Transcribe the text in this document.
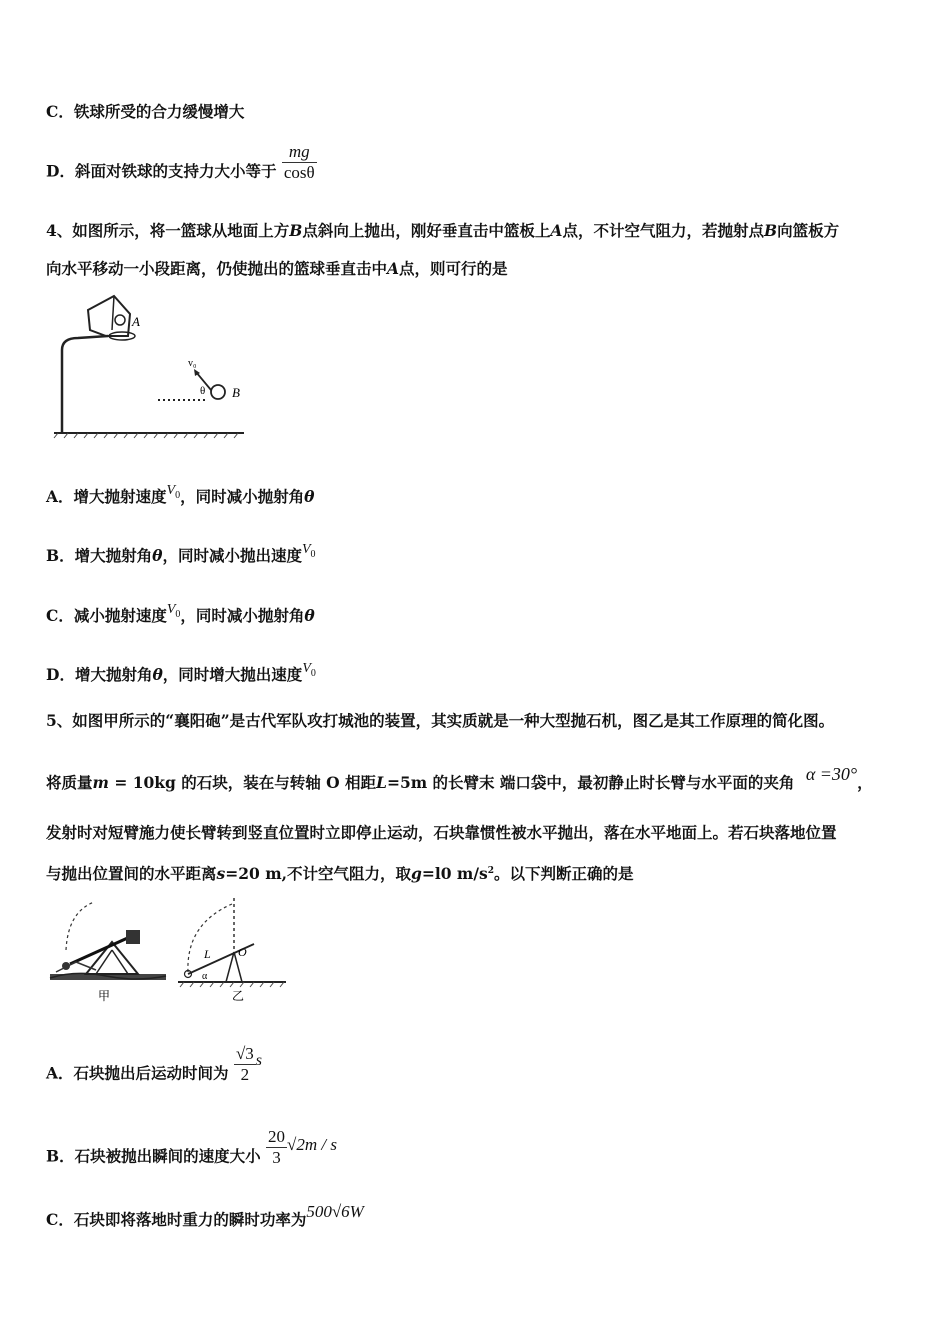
C．铁球所受的合力缓慢增大
D．斜面对铁球的支持力大小等于 $\frac{mg}{\cos\theta}$
4、如图所示，将一篮球从地面上方B点斜向上抛出，刚好垂直击中篮板上A点，不计空气阻力，若抛射点B向篮板方
向水平移动一小段距离，仍使抛出的篮球垂直击中A点，则可行的是
A
v₀
θ B
A．增大抛射速度$V_0$，同时减小抛射角θ
B．增大抛射角θ，同时减小抛出速度$V_0$
C．减小抛射速度$V_0$，同时减小抛射角θ
D．增大抛射角θ，同时增大抛出速度$V_0$
5、如图甲所示的“襄阳砲”是古代军队攻打城池的装置，其实质就是一种大型抛石机，图乙是其工作原理的简化图。
将质量m = 10kg 的石块，装在与转轴 O 相距L=5m 的长臂末 端口袋中，最初静止时长臂与水平面的夹角 α =30°，
发射时对短臂施力使长臂转到竖直位置时立即停止运动，石块靠惯性被水平抛出，落在水平地面上。若石块落地位置
与抛出位置间的水平距离s=20 m,不计空气阻力，取g=l0 $m/s^2$。以下判断正确的是
甲
L O
α
乙
A．石块抛出后运动时间为 $\frac{√3}{2}$ s
B．石块被抛出瞬间的速度大小 $\frac{20}{3} √2m$ / s
C．石块即将落地时重力的瞬时功率为500√6W
